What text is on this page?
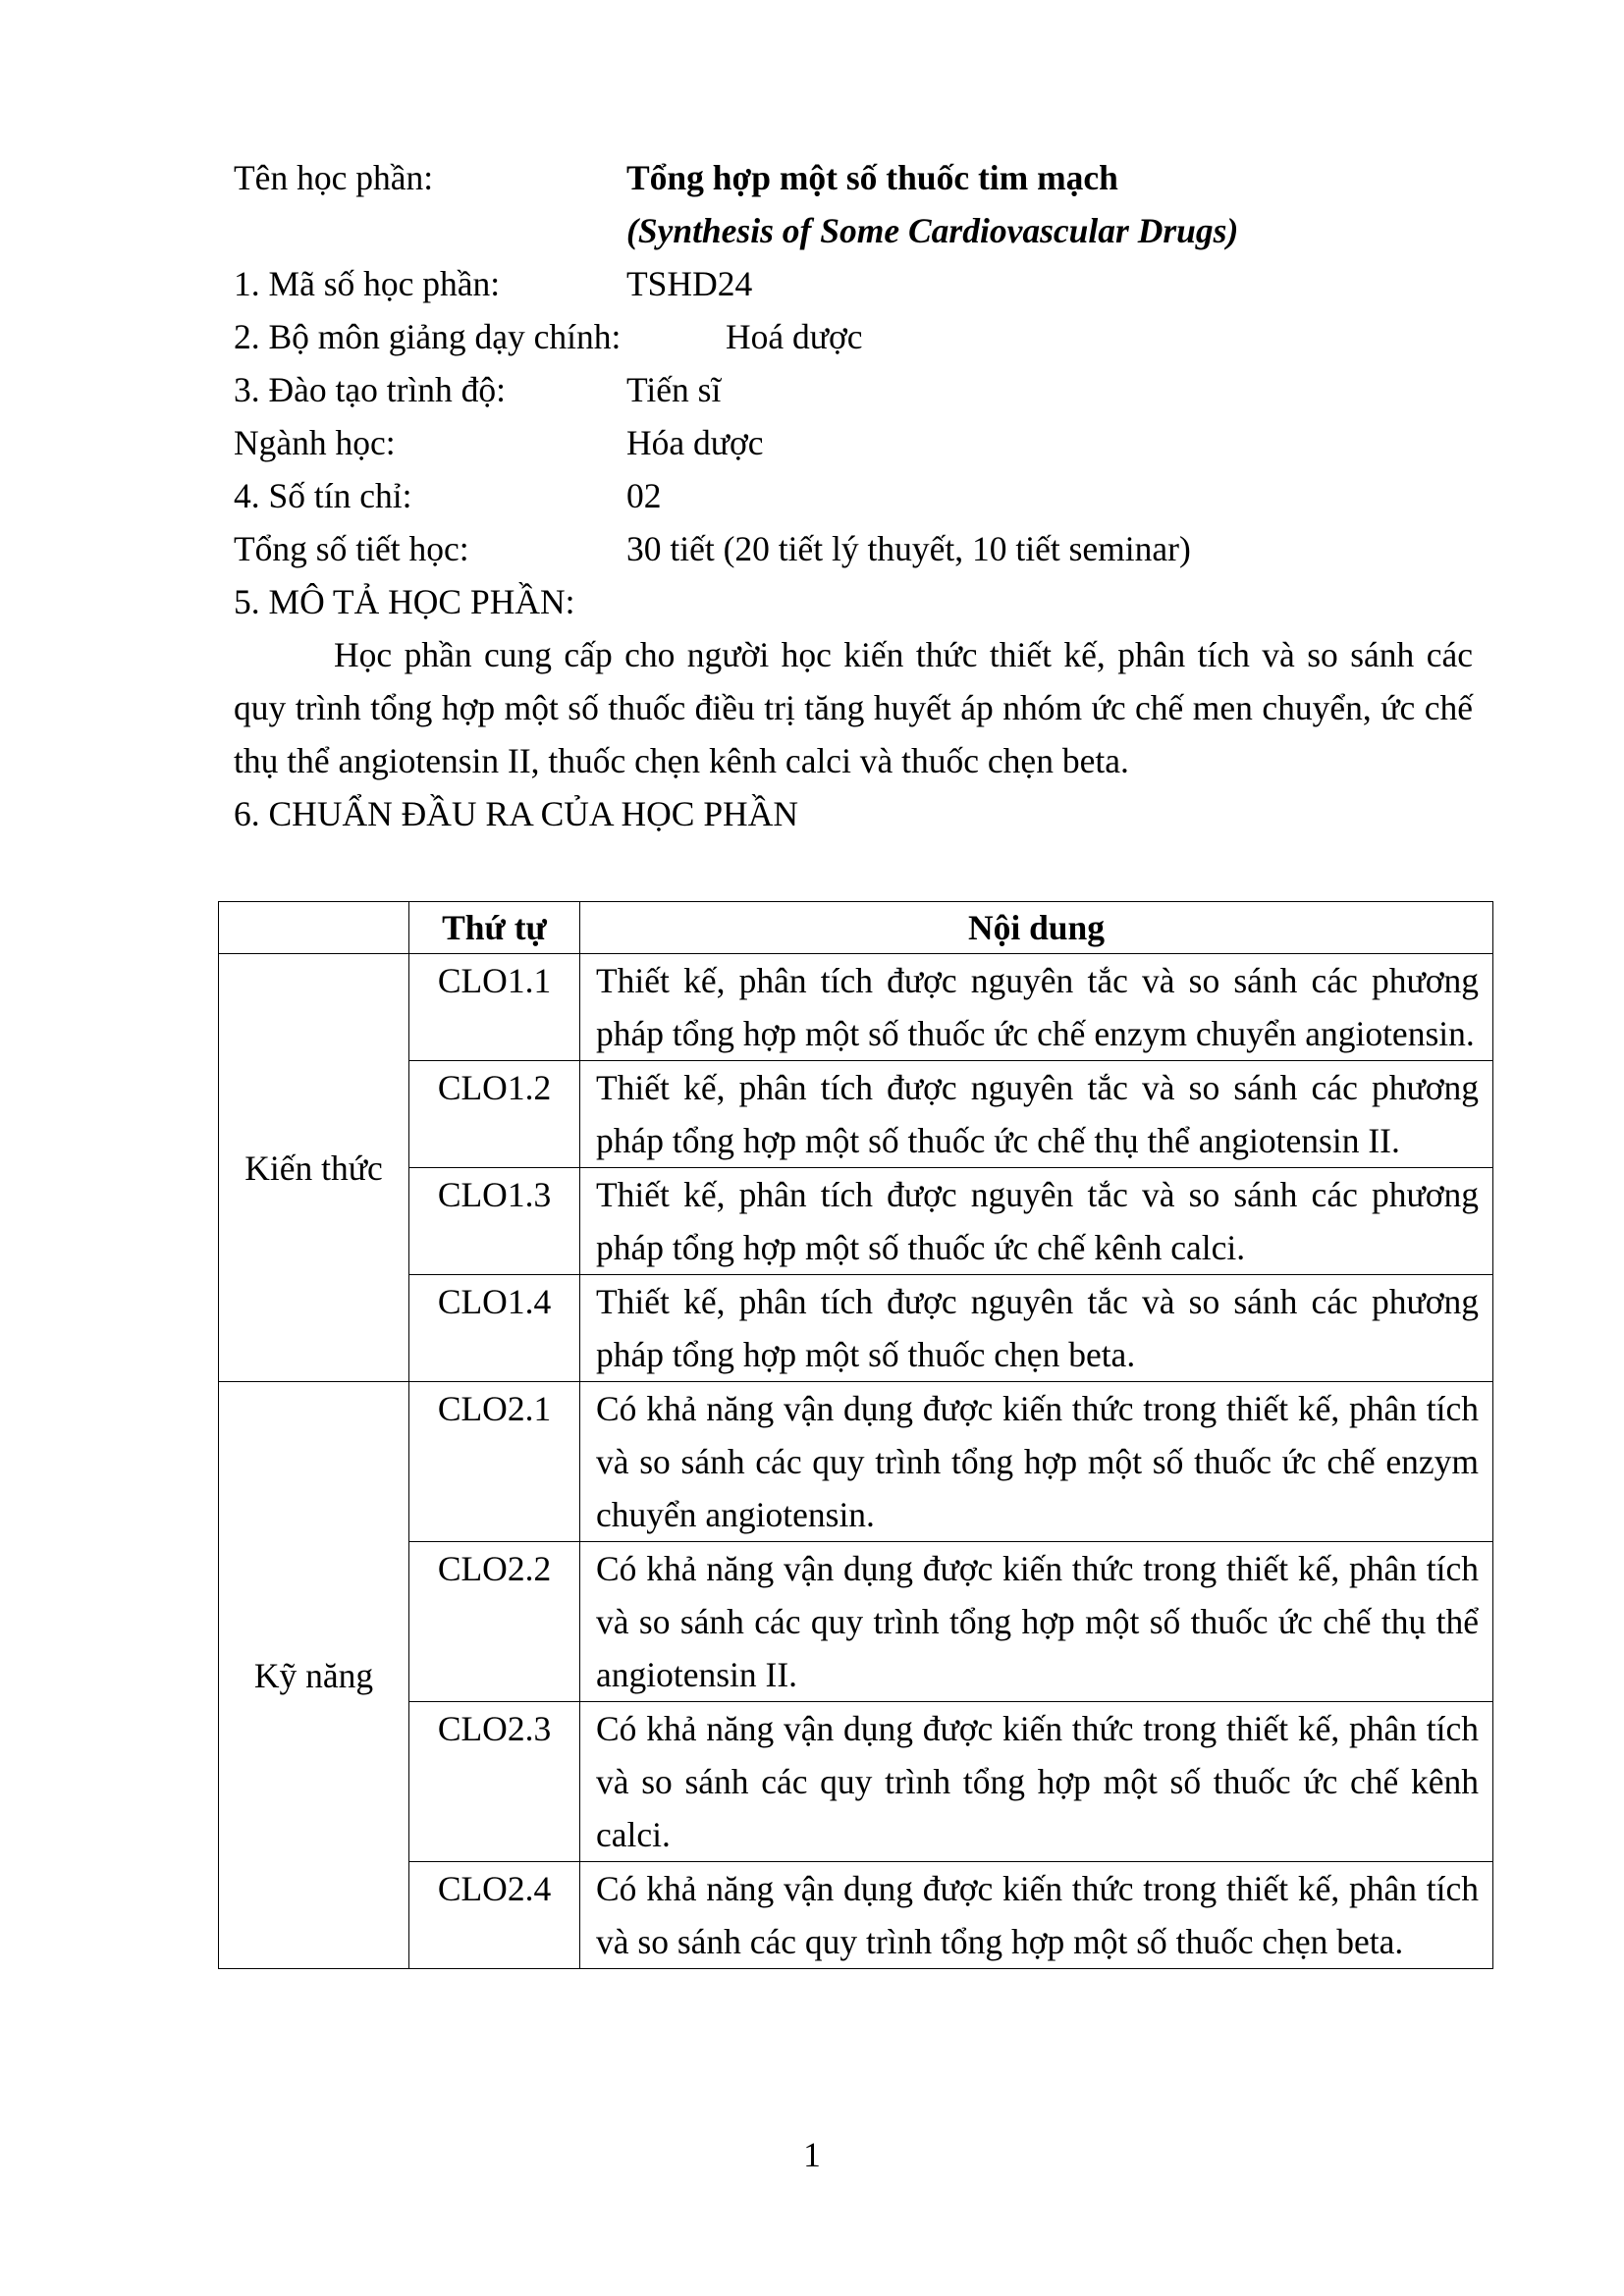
Tên học phần:	Tổng hợp một số thuốc tim mạch
(Synthesis of Some Cardiovascular Drugs)
1. Mã số học phần:	TSHD24
2. Bộ môn giảng dạy chính:	Hoá dược
3. Đào tạo trình độ:	Tiến sĩ
Ngành học:	Hóa dược
4. Số tín chỉ:	02
Tổng số tiết học:	30 tiết (20 tiết lý thuyết, 10 tiết seminar)
5. MÔ TẢ HỌC PHẦN:
Học phần cung cấp cho người học kiến thức thiết kế, phân tích và so sánh các quy trình tổng hợp một số thuốc điều trị tăng huyết áp nhóm ức chế men chuyển, ức chế thụ thể angiotensin II, thuốc chẹn kênh calci và thuốc chẹn beta.
6. CHUẨN ĐẦU RA CỦA HỌC PHẦN
	Thứ tự	Nội dung
Kiến thức	CLO1.1	Thiết kế, phân tích được nguyên tắc và so sánh các phương pháp tổng hợp một số thuốc ức chế enzym chuyển angiotensin.
	CLO1.2	Thiết kế, phân tích được nguyên tắc và so sánh các phương pháp tổng hợp một số thuốc ức chế thụ thể angiotensin II.
	CLO1.3	Thiết kế, phân tích được nguyên tắc và so sánh các phương pháp tổng hợp một số thuốc ức chế kênh calci.
	CLO1.4	Thiết kế, phân tích được nguyên tắc và so sánh các phương pháp tổng hợp một số thuốc chẹn beta.
Kỹ năng	CLO2.1	Có khả năng vận dụng được kiến thức trong thiết kế, phân tích và so sánh các quy trình tổng hợp một số thuốc ức chế enzym chuyển angiotensin.
	CLO2.2	Có khả năng vận dụng được kiến thức trong thiết kế, phân tích và so sánh các quy trình tổng hợp một số thuốc ức chế thụ thể angiotensin II.
	CLO2.3	Có khả năng vận dụng được kiến thức trong thiết kế, phân tích và so sánh các quy trình tổng hợp một số thuốc ức chế kênh calci.
	CLO2.4	Có khả năng vận dụng được kiến thức trong thiết kế, phân tích và so sánh các quy trình tổng hợp một số thuốc chẹn beta.
1
